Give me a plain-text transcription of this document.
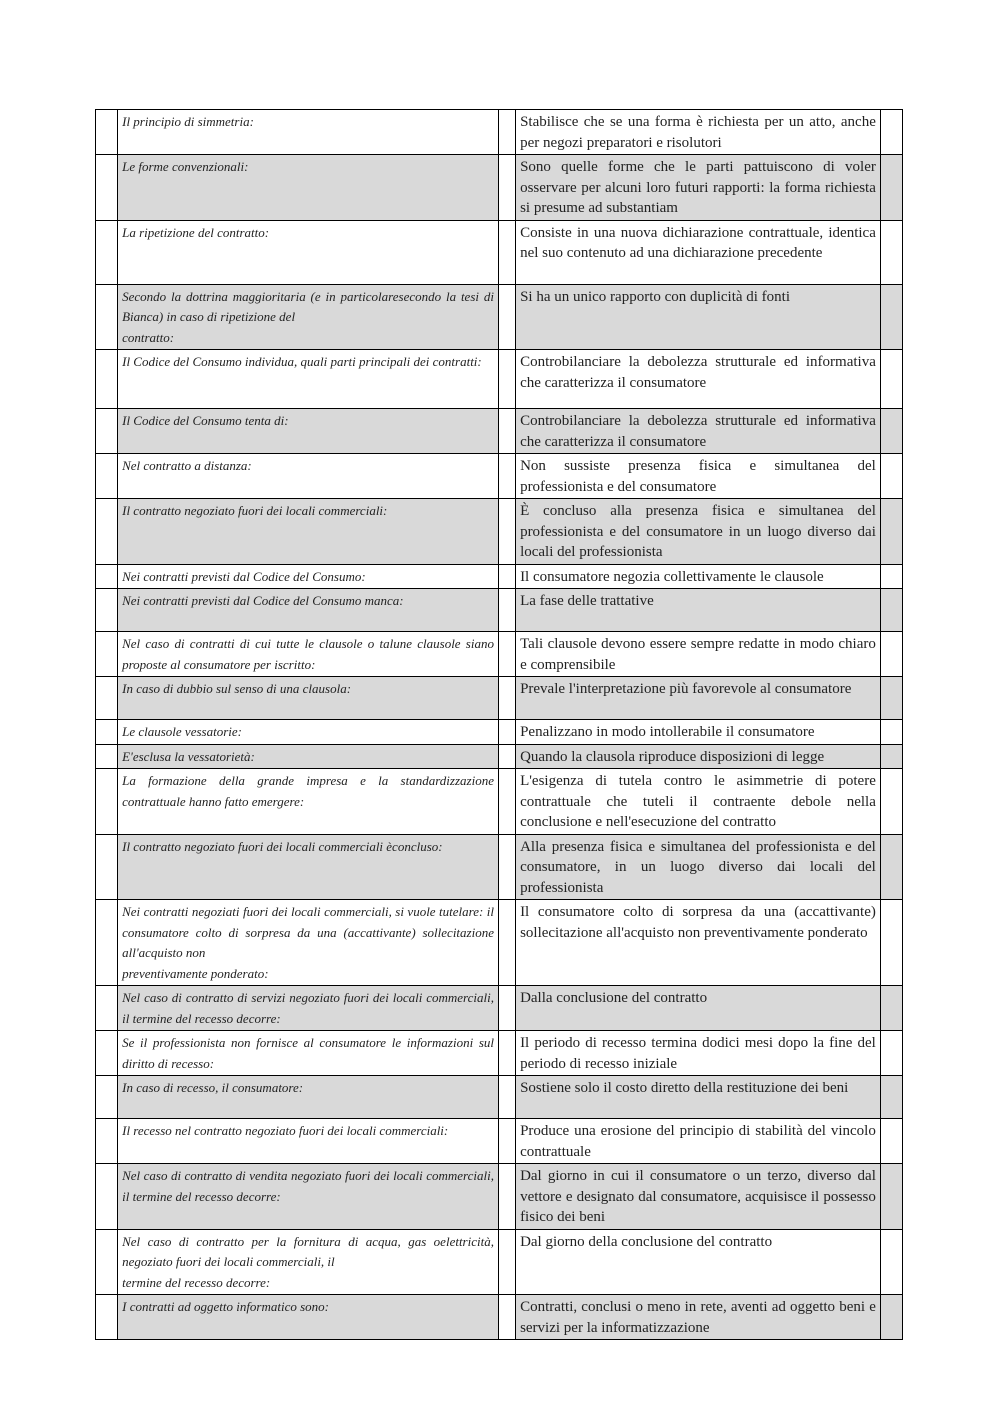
	Il principio di simmetria:		Stabilisce che se una forma è richiesta per un atto, anche per negozi preparatori e risolutori	
	Le forme convenzionali:		Sono quelle forme che le parti pattuiscono di voler osservare per alcuni loro futuri rapporti: la forma richiesta si presume ad substantiam	
	La ripetizione del contratto:		Consiste in una nuova dichiarazione contrattuale, identica nel suo contenuto ad una dichiarazione precedente	
	Secondo la dottrina maggioritaria (e in particolaresecondo la tesi di Bianca) in caso di ripetizione del
contratto:		Si ha un unico rapporto con duplicità di fonti	
	Il Codice del Consumo individua, quali parti principali dei contratti:		Controbilanciare la debolezza strutturale ed informativa che caratterizza il consumatore	
	Il Codice del Consumo tenta di:		Controbilanciare la debolezza strutturale ed informativa che caratterizza il consumatore	
	Nel contratto a distanza:		Non sussiste presenza fisica e simultanea del professionista e del consumatore	
	Il contratto negoziato fuori dei locali commerciali:		È concluso alla presenza fisica e simultanea del professionista e del consumatore in un luogo diverso dai locali del professionista	
	Nei contratti previsti dal Codice del Consumo:		Il consumatore negozia collettivamente le clausole	
	Nei contratti previsti dal Codice del Consumo manca:		La fase delle trattative	
	Nel caso di contratti di cui tutte le clausole o talune clausole siano proposte al consumatore per iscritto:		Tali clausole devono essere sempre redatte in modo chiaro e comprensibile	
	In caso di dubbio sul senso di una clausola:		Prevale l'interpretazione più favorevole al consumatore	
	Le clausole vessatorie:		Penalizzano in modo intollerabile il consumatore	
	E'esclusa la vessatorietà:		Quando la clausola riproduce disposizioni di legge	
	La formazione della grande impresa e la standardizzazione contrattuale hanno fatto emergere:		L'esigenza di tutela contro le asimmetrie di potere contrattuale che tuteli il contraente debole nella conclusione e nell'esecuzione del contratto	
	Il contratto negoziato fuori dei locali commerciali èconcluso:		Alla presenza fisica e simultanea del professionista e del consumatore, in un luogo diverso dai locali del professionista	
	Nei contratti negoziati fuori dei locali commerciali, si vuole tutelare: il consumatore colto di sorpresa da una (accattivante) sollecitazione all'acquisto non
preventivamente ponderato:		Il consumatore colto di sorpresa da una (accattivante) sollecitazione all'acquisto non preventivamente ponderato	
	Nel caso di contratto di servizi negoziato fuori dei locali commerciali, il termine del recesso decorre:		Dalla conclusione del contratto	
	Se il professionista non fornisce al consumatore le informazioni sul diritto di recesso:		Il periodo di recesso termina dodici mesi dopo la fine del periodo di recesso iniziale	
	In caso di recesso, il consumatore:		Sostiene solo il costo diretto della restituzione dei beni	
	Il recesso nel contratto negoziato fuori dei locali commerciali:		Produce una erosione del principio di stabilità del vincolo contrattuale	
	Nel caso di contratto di vendita negoziato fuori dei locali commerciali, il termine del recesso decorre:		Dal giorno in cui il consumatore o un terzo, diverso dal vettore e designato dal consumatore, acquisisce il possesso fisico dei beni	
	Nel caso di contratto per la fornitura di acqua, gas oelettricità, negoziato fuori dei locali commerciali, il
termine del recesso decorre:		Dal giorno della conclusione del contratto	
	I contratti ad oggetto informatico sono:		Contratti, conclusi o meno in rete, aventi ad oggetto beni e servizi per la informatizzazione	
